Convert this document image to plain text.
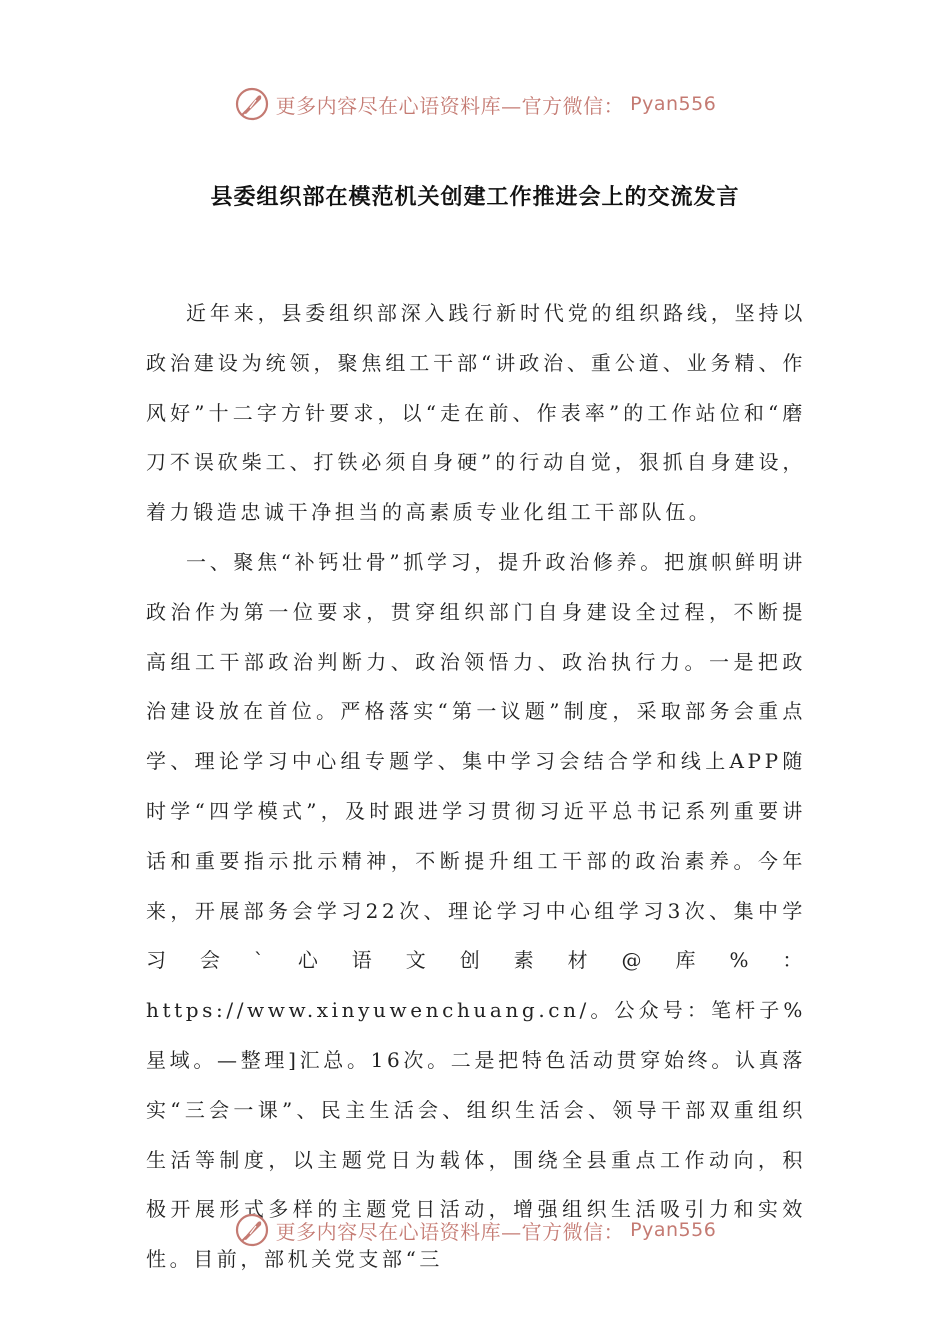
更多内容尽在心语资料库—官方微信： Pyan556
县委组织部在模范机关创建工作推进会上的交流发言

近年来，县委组织部深入践行新时代党的组织路线，坚持以政治建设为统领，聚焦组工干部“讲政治、重公道、业务精、作风好”十二字方针要求，以“走在前、作表率”的工作站位和“磨刀不误砍柴工、打铁必须自身硬”的行动自觉，狠抓自身建设，着力锻造忠诚干净担当的高素质专业化组工干部队伍。

一、聚焦“补钙壮骨”抓学习，提升政治修养。把旗帜鲜明讲政治作为第一位要求，贯穿组织部门自身建设全过程，不断提高组工干部政治判断力、政治领悟力、政治执行力。一是把政治建设放在首位。严格落实“第一议题”制度，采取部务会重点学、理论学习中心组专题学、集中学习会结合学和线上APP随时学“四学模式”，及时跟进学习贯彻习近平总书记系列重要讲话和重要指示批示精神，不断提升组工干部的政治素养。今年来，开展部务会学习22次、理论学习中心组学习3次、集中学习会`心语文创素材@库%：https://www.xinyuwenchuang.cn/。公众号：笔杆子%星域。—整理]汇总。16次。二是把特色活动贯穿始终。认真落实“三会一课”、民主生活会、组织生活会、领导干部双重组织生活等制度，以主题党日为载体，围绕全县重点工作动向，积极开展形式多样的主题党日活动，增强组织生活吸引力和实效性。目前，部机关党支部“三

更多内容尽在心语资料库—官方微信： Pyan556
